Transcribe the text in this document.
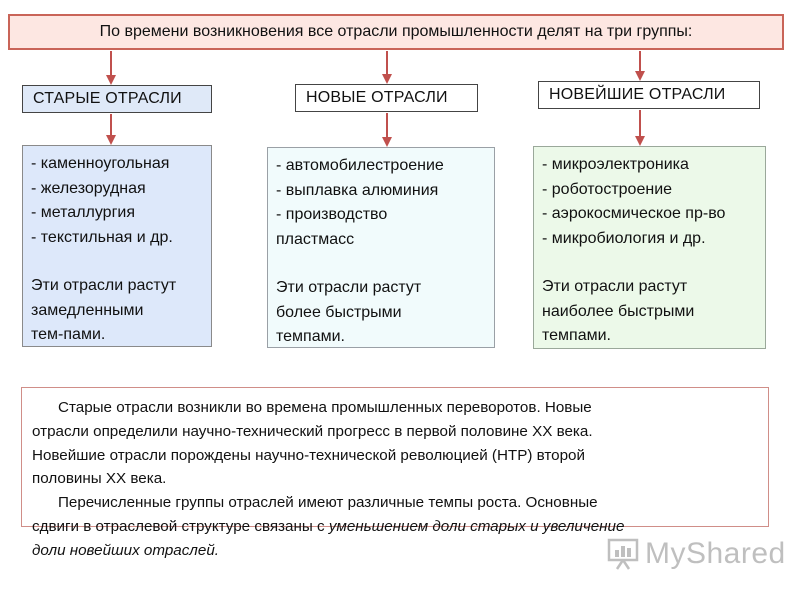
По времени возникновения все отрасли промышленности делят на три группы:
СТАРЫЕ ОТРАСЛИ	НОВЫЕ ОТРАСЛИ	НОВЕЙШИЕ ОТРАСЛИ
- каменноугольная
- железорудная
- металлургия
- текстильная и др.
Эти отрасли растут
замедленными
тем-пами.
- автомобилестроение
- выплавка алюминия
- производство
пластмасс
Эти отрасли растут
более быстрыми
темпами.
- микроэлектроника
- роботостроение
- аэрокосмическое пр-во
- микробиология и др.
Эти отрасли растут
наиболее быстрыми
темпами.
Старые отрасли возникли во времена промышленных переворотов. Новые
отрасли определили научно-технический прогресс в первой половине XX века.
Новейшие отрасли порождены научно-технической революцией (НТР) второй
половины XX века.
Перечисленные группы отраслей имеют различные темпы роста. Основные
сдвиги в отраслевой структуре связаны с уменьшением доли старых и увеличение
доли новейших отраслей.	MyShared
